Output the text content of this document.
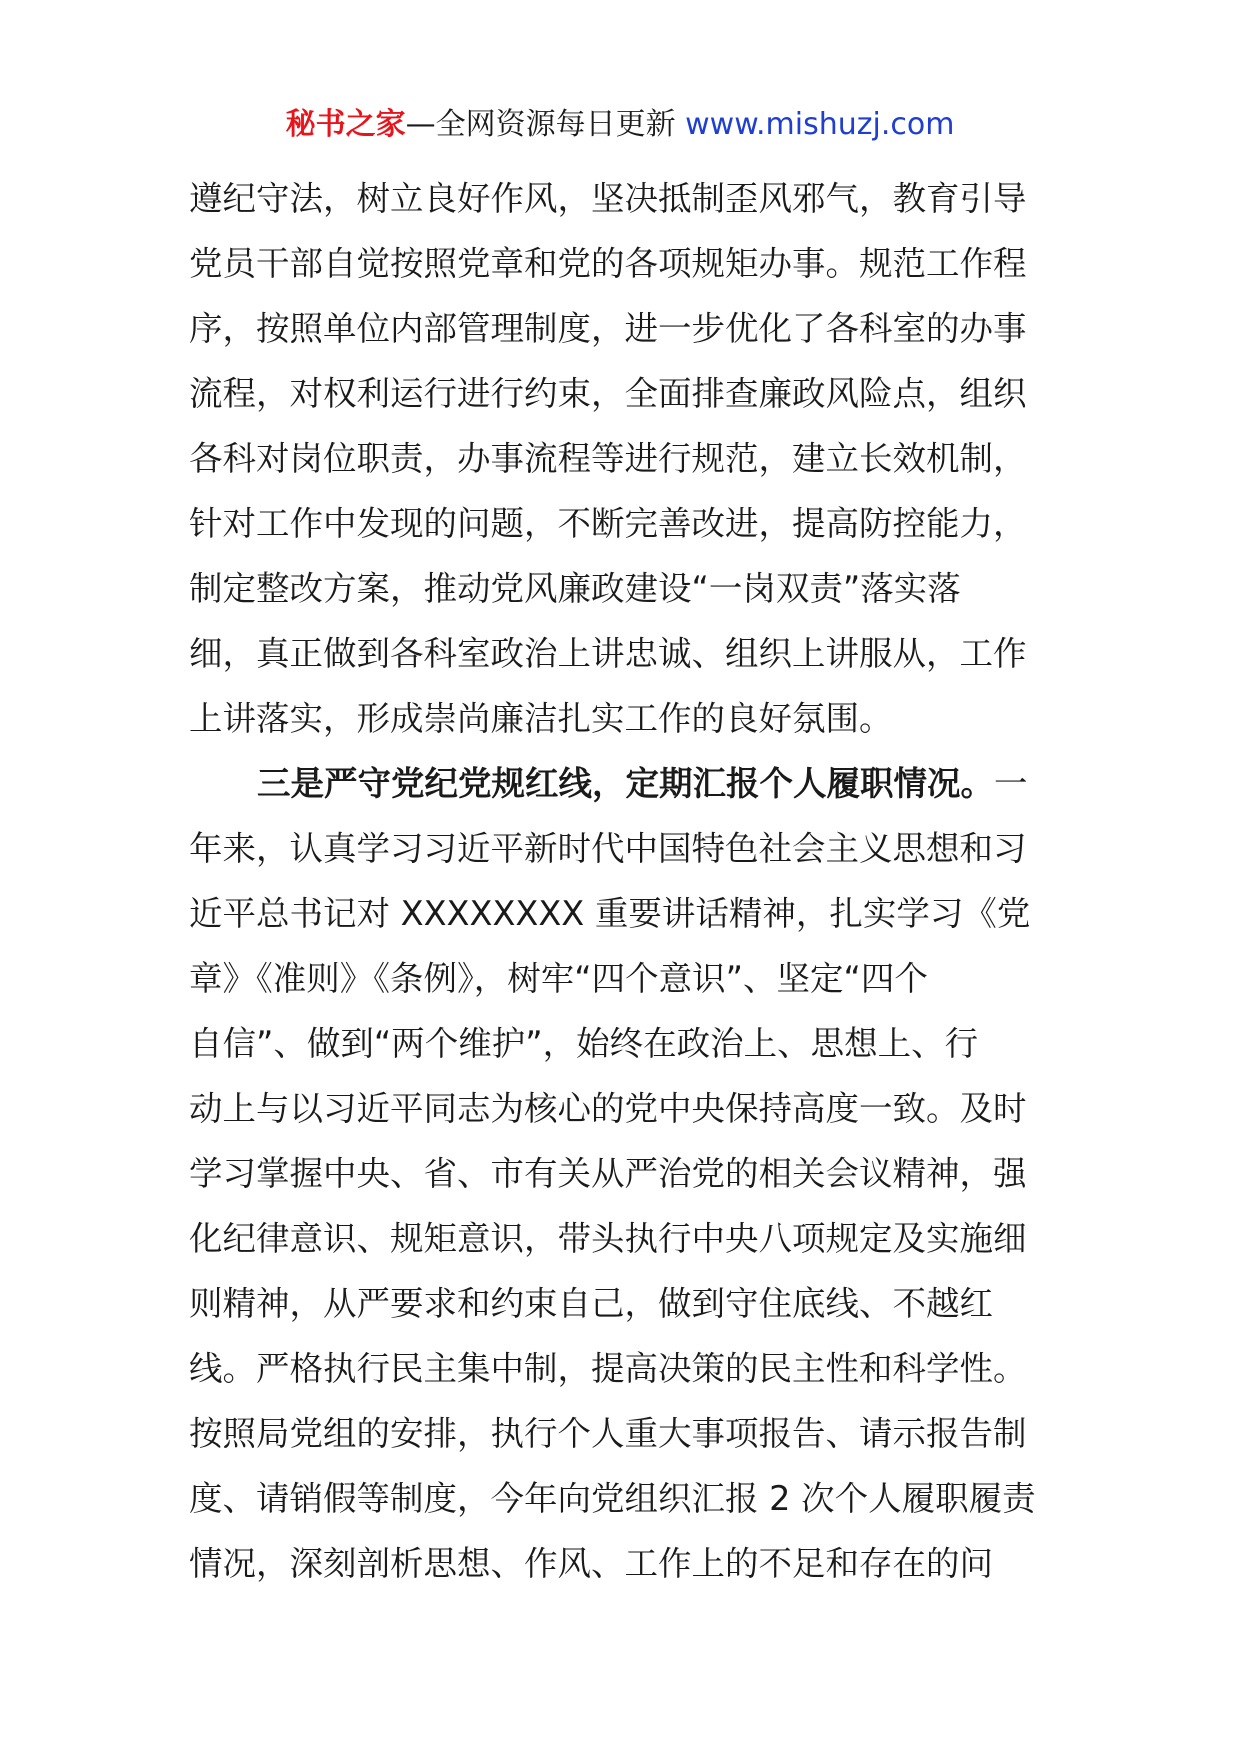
秘书之家—全网资源每日更新 www.mishuzj.com
遵纪守法，树立良好作风，坚决抵制歪风邪气，教育引导
党员干部自觉按照党章和党的各项规矩办事。规范工作程
序，按照单位内部管理制度，进一步优化了各科室的办事
流程，对权利运行进行约束，全面排查廉政风险点，组织
各科对岗位职责，办事流程等进行规范，建立长效机制，
针对工作中发现的问题，不断完善改进，提高防控能力，
制定整改方案，推动党风廉政建设“一岗双责”落实落
细，真正做到各科室政治上讲忠诚、组织上讲服从，工作
上讲落实，形成崇尚廉洁扎实工作的良好氛围。
三是严守党纪党规红线，定期汇报个人履职情况。一
年来，认真学习习近平新时代中国特色社会主义思想和习
近平总书记对 XXXXXXXX 重要讲话精神，扎实学习《党
章》《准则》《条例》，树牢“四个意识”、坚定“四个
自信”、做到“两个维护”，始终在政治上、思想上、行
动上与以习近平同志为核心的党中央保持高度一致。及时
学习掌握中央、省、市有关从严治党的相关会议精神，强
化纪律意识、规矩意识，带头执行中央八项规定及实施细
则精神，从严要求和约束自己，做到守住底线、不越红
线。严格执行民主集中制，提高决策的民主性和科学性。
按照局党组的安排，执行个人重大事项报告、请示报告制
度、请销假等制度，今年向党组织汇报 2 次个人履职履责
情况，深刻剖析思想、作风、工作上的不足和存在的问
